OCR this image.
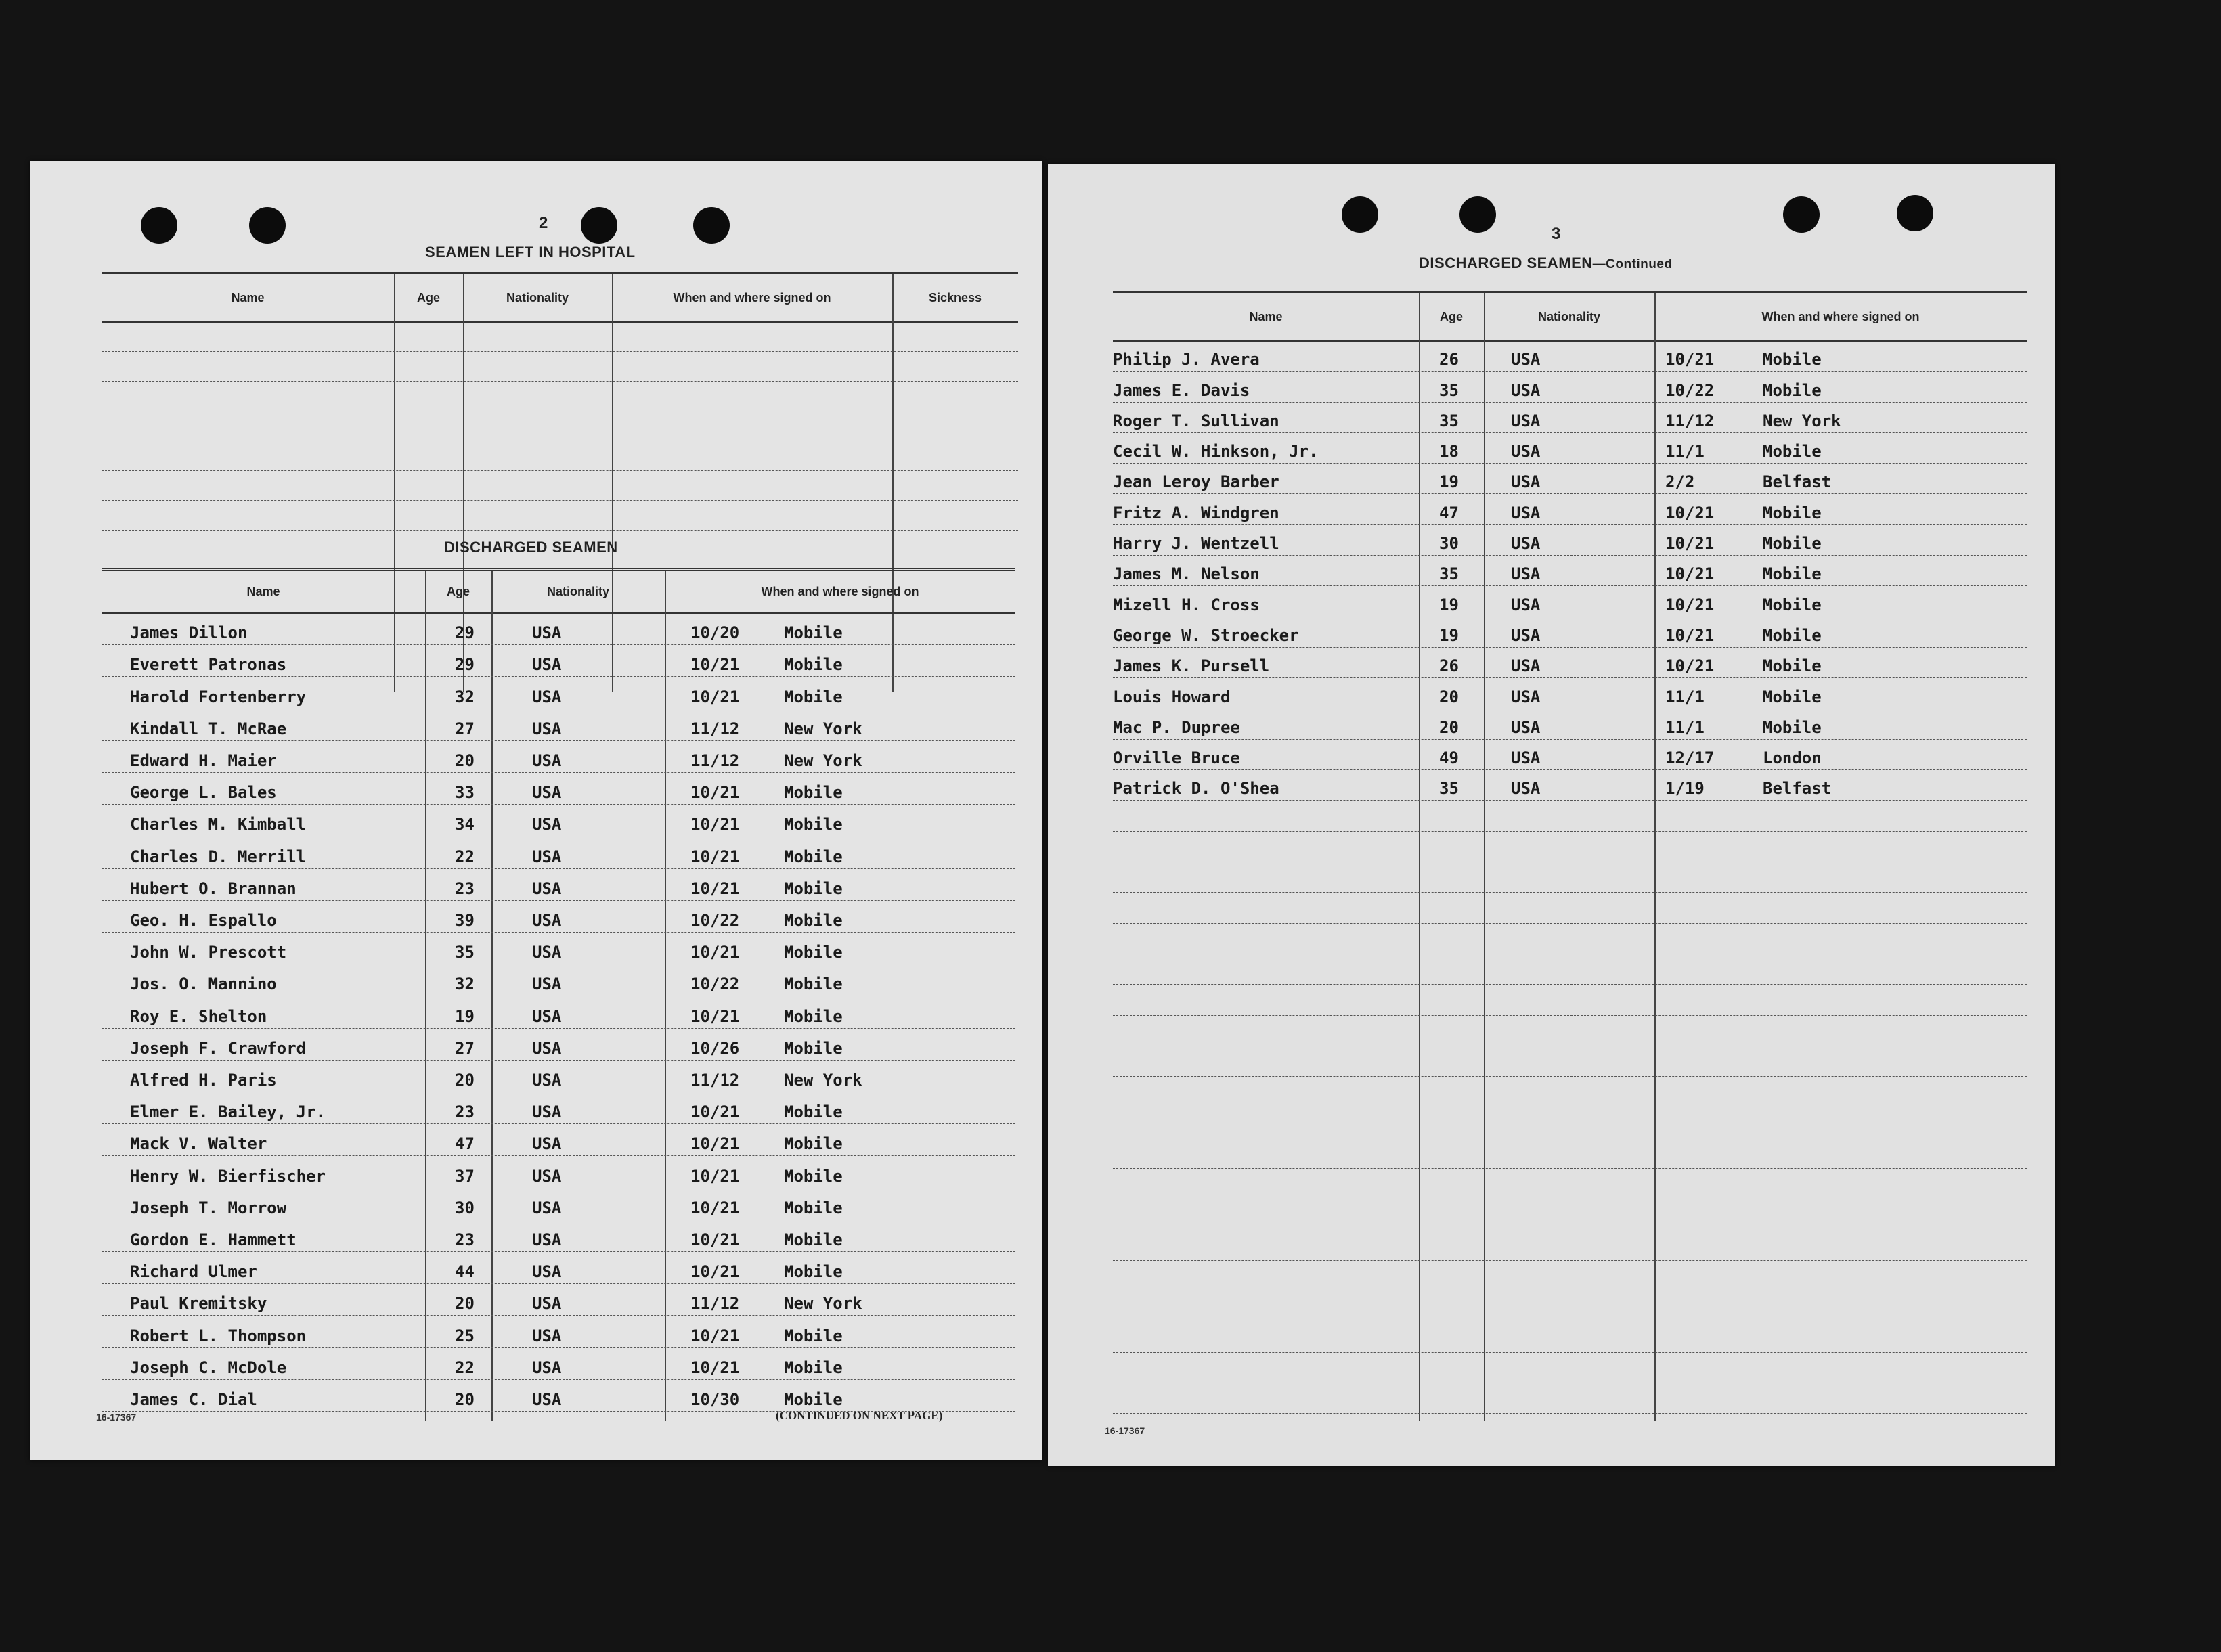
2
SEAMEN LEFT IN HOSPITAL
Name	Age	Nationality	When and where signed on	Sickness
DISCHARGED SEAMEN
Name	Age	Nationality	When and where signed on
James Dillon	29	USA	10/20	Mobile
Everett Patronas	29	USA	10/21	Mobile
Harold Fortenberry	32	USA	10/21	Mobile
Kindall T. McRae	27	USA	11/12	New York
Edward H. Maier	20	USA	11/12	New York
George L. Bales	33	USA	10/21	Mobile
Charles M. Kimball	34	USA	10/21	Mobile
Charles D. Merrill	22	USA	10/21	Mobile
Hubert O. Brannan	23	USA	10/21	Mobile
Geo. H. Espallo	39	USA	10/22	Mobile
John W. Prescott	35	USA	10/21	Mobile
Jos. O. Mannino	32	USA	10/22	Mobile
Roy E. Shelton	19	USA	10/21	Mobile
Joseph F. Crawford	27	USA	10/26	Mobile
Alfred H. Paris	20	USA	11/12	New York
Elmer E. Bailey, Jr.	23	USA	10/21	Mobile
Mack V. Walter	47	USA	10/21	Mobile
Henry W. Bierfischer	37	USA	10/21	Mobile
Joseph T. Morrow	30	USA	10/21	Mobile
Gordon E. Hammett	23	USA	10/21	Mobile
Richard Ulmer	44	USA	10/21	Mobile
Paul Kremitsky	20	USA	11/12	New York
Robert L. Thompson	25	USA	10/21	Mobile
Joseph C. McDole	22	USA	10/21	Mobile
James C. Dial	20	USA	10/30	Mobile
16-17367	(CONTINUED ON NEXT PAGE)
3
DISCHARGED SEAMEN—Continued
Name	Age	Nationality	When and where signed on
Philip J. Avera	26	USA	10/21	Mobile
James E. Davis	35	USA	10/22	Mobile
Roger T. Sullivan	35	USA	11/12	New York
Cecil W. Hinkson, Jr.	18	USA	11/1	Mobile
Jean Leroy Barber	19	USA	2/2	Belfast
Fritz A. Windgren	47	USA	10/21	Mobile
Harry J. Wentzell	30	USA	10/21	Mobile
James M. Nelson	35	USA	10/21	Mobile
Mizell H. Cross	19	USA	10/21	Mobile
George W. Stroecker	19	USA	10/21	Mobile
James K. Pursell	26	USA	10/21	Mobile
Louis Howard	20	USA	11/1	Mobile
Mac P. Dupree	20	USA	11/1	Mobile
Orville Bruce	49	USA	12/17	London
Patrick D. O'Shea	35	USA	1/19	Belfast
16-17367
